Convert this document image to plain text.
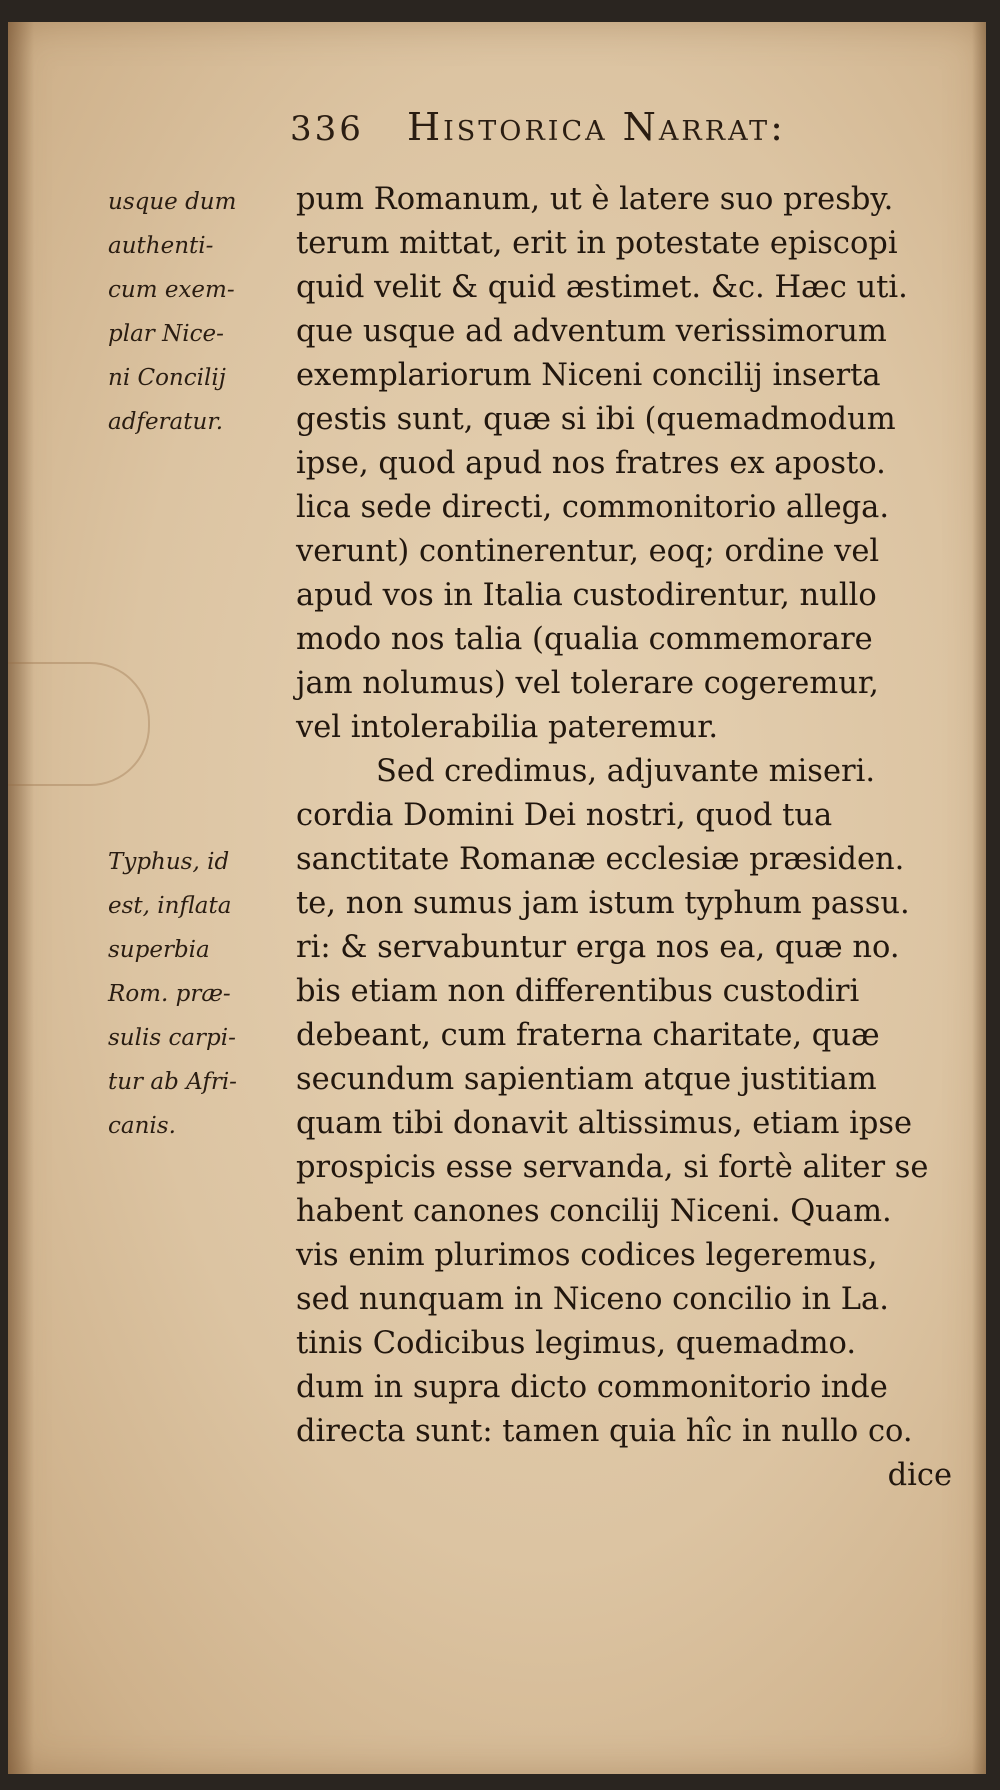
336 Historica Narrat:
usque dum
authenti-
cum exem-
plar Nice-
ni Concilij
adferatur.
Typhus, id
est, inflata
superbia
Rom. præ-
sulis carpi-
tur ab Afri-
canis.
pum Romanum, ut è latere suo presby.
terum mittat, erit in potestate episcopi
quid velit & quid æstimet. &c. Hæc uti.
que usque ad adventum verissimorum
exemplariorum Niceni concilij inserta
gestis sunt, quæ si ibi (quemadmodum
ipse, quod apud nos fratres ex aposto.
lica sede directi, commonitorio allega.
verunt) continerentur, eoq; ordine vel
apud vos in Italia custodirentur, nullo
modo nos talia (qualia commemorare
jam nolumus) vel tolerare cogeremur,
vel intolerabilia pateremur.
Sed credimus, adjuvante miseri.
cordia Domini Dei nostri, quod tua
sanctitate Romanæ ecclesiæ præsiden.
te, non sumus jam istum typhum passu.
ri: & servabuntur erga nos ea, quæ no.
bis etiam non differentibus custodiri
debeant, cum fraterna charitate, quæ
secundum sapientiam atque justitiam
quam tibi donavit altissimus, etiam ipse
prospicis esse servanda, si fortè aliter se
habent canones concilij Niceni. Quam.
vis enim plurimos codices legeremus,
sed nunquam in Niceno concilio in La.
tinis Codicibus legimus, quemadmo.
dum in supra dicto commonitorio inde
directa sunt: tamen quia hîc in nullo co.
dice
